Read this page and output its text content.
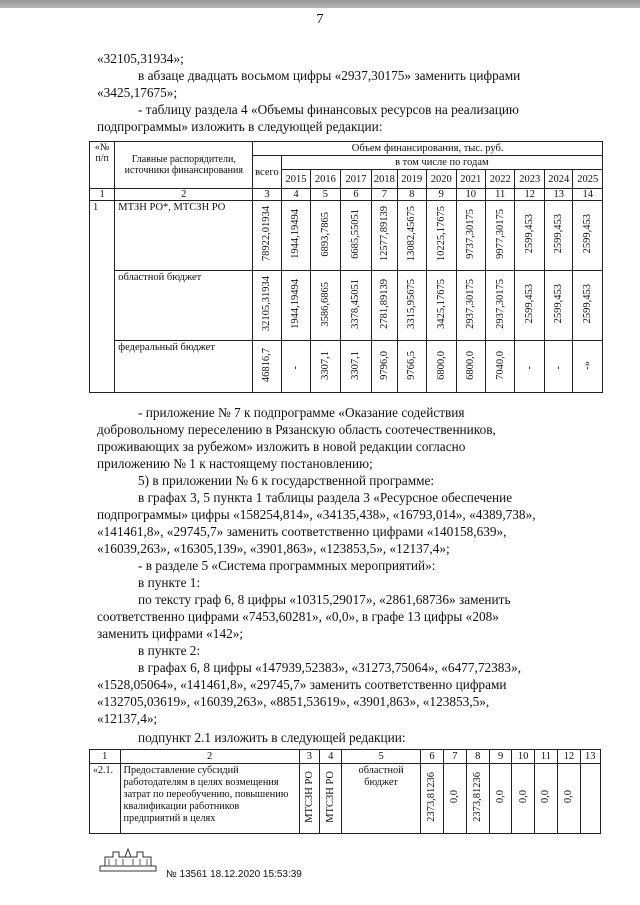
7
«32105,31934»;
в абзаце двадцать восьмом цифры «2937,30175» заменить цифрами
«3425,17675»;
- таблицу раздела 4 «Объемы финансовых ресурсов на реализацию
подпрограммы» изложить в следующей редакции:
«№ п/п	Главные распорядители, источники финансирования	Объем финансирования, тыс. руб.											
		всего	в том числе по годам										
			2015	2016	2017	2018	2019	2020	2021	2022	2023	2024	2025
1	2	3	4	5	6	7	8	9	10	11	12	13	14
1	МТЗН РО*, МТСЗН РО	78922,01934	1944,19494	6893,7865	6685,55051	12577,89139	13082,45675	10225,17675	9737,30175	9977,30175	2599,453	2599,453	2599,453
	областной бюджет	32105,31934	1944,19494	3586,6865	3378,45051	2781,89139	3315,95675	3425,17675	2937,30175	2937,30175	2599,453	2599,453	2599,453
	федеральный бюджет	46816,7	-	3307,1	3307,1	9796,0	9766,5	6800,0	6800,0	7040,0	-	-	-»
- приложение № 7 к подпрограмме «Оказание содействия
добровольному переселению в Рязанскую область соотечественников,
проживающих за рубежом» изложить в новой редакции согласно
приложению № 1 к настоящему постановлению;
5) в приложении № 6 к государственной программе:
в графах 3, 5 пункта 1 таблицы раздела 3 «Ресурсное обеспечение
подпрограммы» цифры «158254,814», «34135,438», «16793,014», «4389,738»,
«141461,8», «29745,7» заменить соответственно цифрами «140158,639»,
«16039,263», «16305,139», «3901,863», «123853,5», «12137,4»;
- в разделе 5 «Система программных мероприятий»:
в пункте 1:
по тексту граф 6, 8 цифры «10315,29017», «2861,68736» заменить
соответственно цифрами «7453,60281», «0,0», в графе 13 цифры «208»
заменить цифрами «142»;
в пункте 2:
в графах 6, 8 цифры «147939,52383», «31273,75064», «6477,72383»,
«1528,05064», «141461,8», «29745,7» заменить соответственно цифрами
«132705,03619», «16039,263», «8851,53619», «3901,863», «123853,5»,
«12137,4»;
подпункт 2.1 изложить в следующей редакции:
1	2	3	4	5	6	7	8	9	10	11	12	13
«2.1.	Предоставление субсидий работодателям в целях возмещения затрат по переобучению, повышению квалификации работников предприятий в целях	МТСЗН РО	МТСЗН РО	областной бюджет	2373,81236	0,0	2373,81236	0,0	0,0	0,0	0,0	
№ 13561 18.12.2020 15:53:39
